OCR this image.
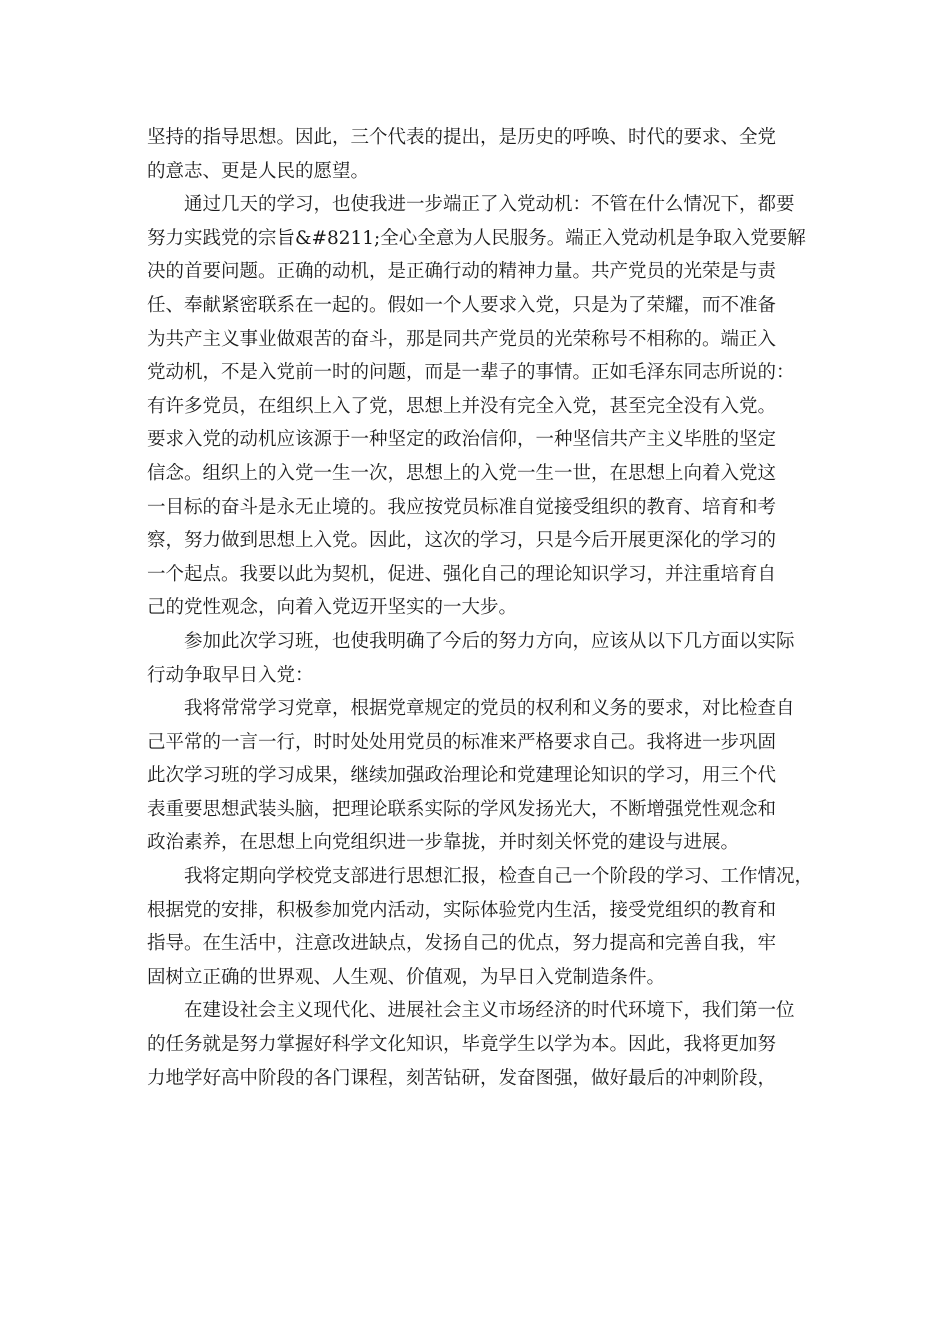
坚持的指导思想。因此，三个代表的提出，是历史的呼唤、时代的要求、全党
的意志、更是人民的愿望。
　　通过几天的学习，也使我进一步端正了入党动机：不管在什么情况下，都要
努力实践党的宗旨&#8211;全心全意为人民服务。端正入党动机是争取入党要解
决的首要问题。正确的动机，是正确行动的精神力量。共产党员的光荣是与责
任、奉献紧密联系在一起的。假如一个人要求入党，只是为了荣耀，而不准备
为共产主义事业做艰苦的奋斗，那是同共产党员的光荣称号不相称的。端正入
党动机，不是入党前一时的问题，而是一辈子的事情。正如毛泽东同志所说的：
有许多党员，在组织上入了党，思想上并没有完全入党，甚至完全没有入党。
要求入党的动机应该源于一种坚定的政治信仰，一种坚信共产主义毕胜的坚定
信念。组织上的入党一生一次，思想上的入党一生一世，在思想上向着入党这
一目标的奋斗是永无止境的。我应按党员标准自觉接受组织的教育、培育和考
察，努力做到思想上入党。因此，这次的学习，只是今后开展更深化的学习的
一个起点。我要以此为契机，促进、强化自己的理论知识学习，并注重培育自
己的党性观念，向着入党迈开坚实的一大步。
　　参加此次学习班，也使我明确了今后的努力方向，应该从以下几方面以实际
行动争取早日入党：
　　我将常常学习党章，根据党章规定的党员的权利和义务的要求，对比检查自
己平常的一言一行，时时处处用党员的标准来严格要求自己。我将进一步巩固
此次学习班的学习成果，继续加强政治理论和党建理论知识的学习，用三个代
表重要思想武装头脑，把理论联系实际的学风发扬光大，不断增强党性观念和
政治素养，在思想上向党组织进一步靠拢，并时刻关怀党的建设与进展。
　　我将定期向学校党支部进行思想汇报，检查自己一个阶段的学习、工作情况，
根据党的安排，积极参加党内活动，实际体验党内生活，接受党组织的教育和
指导。在生活中，注意改进缺点，发扬自己的优点，努力提高和完善自我，牢
固树立正确的世界观、人生观、价值观，为早日入党制造条件。
　　在建设社会主义现代化、进展社会主义市场经济的时代环境下，我们第一位
的任务就是努力掌握好科学文化知识，毕竟学生以学为本。因此，我将更加努
力地学好高中阶段的各门课程，刻苦钻研，发奋图强，做好最后的冲刺阶段，
